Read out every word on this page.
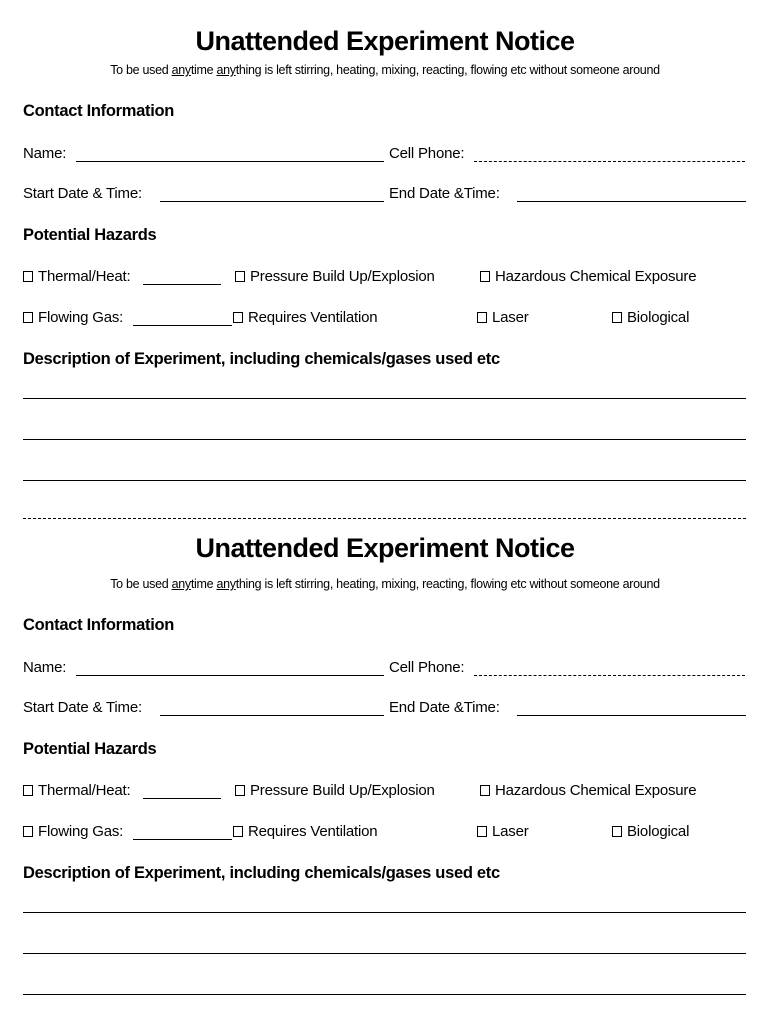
Unattended Experiment Notice
To be used anytime anything is left stirring, heating, mixing, reacting, flowing etc without someone around
Contact Information
Name:	Cell Phone:
Start Date & Time:	End Date &Time:
Potential Hazards
Thermal/Heat:	Pressure Build Up/Explosion	Hazardous Chemical Exposure
Flowing Gas:	Requires Ventilation	Laser	Biological
Description of Experiment, including chemicals/gases used etc
Unattended Experiment Notice
To be used anytime anything is left stirring, heating, mixing, reacting, flowing etc without someone around
Contact Information
Name:	Cell Phone:
Start Date & Time:	End Date &Time:
Potential Hazards
Thermal/Heat:	Pressure Build Up/Explosion	Hazardous Chemical Exposure
Flowing Gas:	Requires Ventilation	Laser	Biological
Description of Experiment, including chemicals/gases used etc
